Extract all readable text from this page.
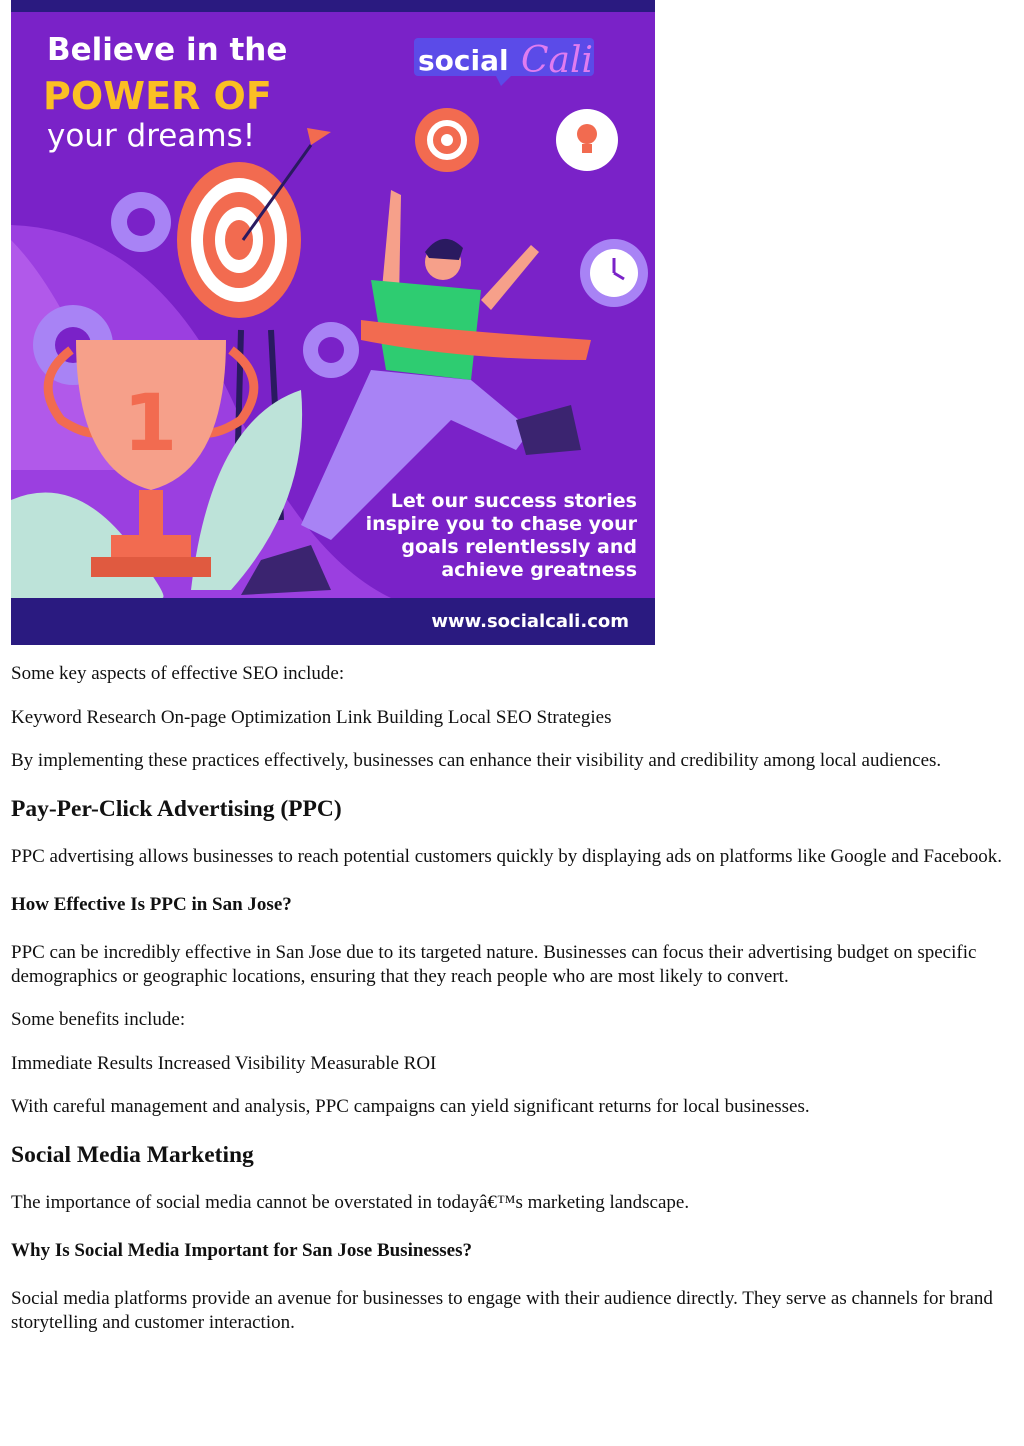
Believe in the
POWER OF
your dreams!
social Cali
1
Let our success stories
inspire you to chase your
goals relentlessly and
achieve greatness
www.socialcali.com

Some key aspects of effective SEO include:

Keyword Research On-page Optimization Link Building Local SEO Strategies

By implementing these practices effectively, businesses can enhance their visibility and credibility among local audiences.

Pay-Per-Click Advertising (PPC)

PPC advertising allows businesses to reach potential customers quickly by displaying ads on platforms like Google and Facebook.

How Effective Is PPC in San Jose?

PPC can be incredibly effective in San Jose due to its targeted nature. Businesses can focus their advertising budget on specific demographics or geographic locations, ensuring that they reach people who are most likely to convert.

Some benefits include:

Immediate Results Increased Visibility Measurable ROI

With careful management and analysis, PPC campaigns can yield significant returns for local businesses.

Social Media Marketing

The importance of social media cannot be overstated in todayâ€™s marketing landscape.

Why Is Social Media Important for San Jose Businesses?

Social media platforms provide an avenue for businesses to engage with their audience directly. They serve as channels for brand storytelling and customer interaction.
